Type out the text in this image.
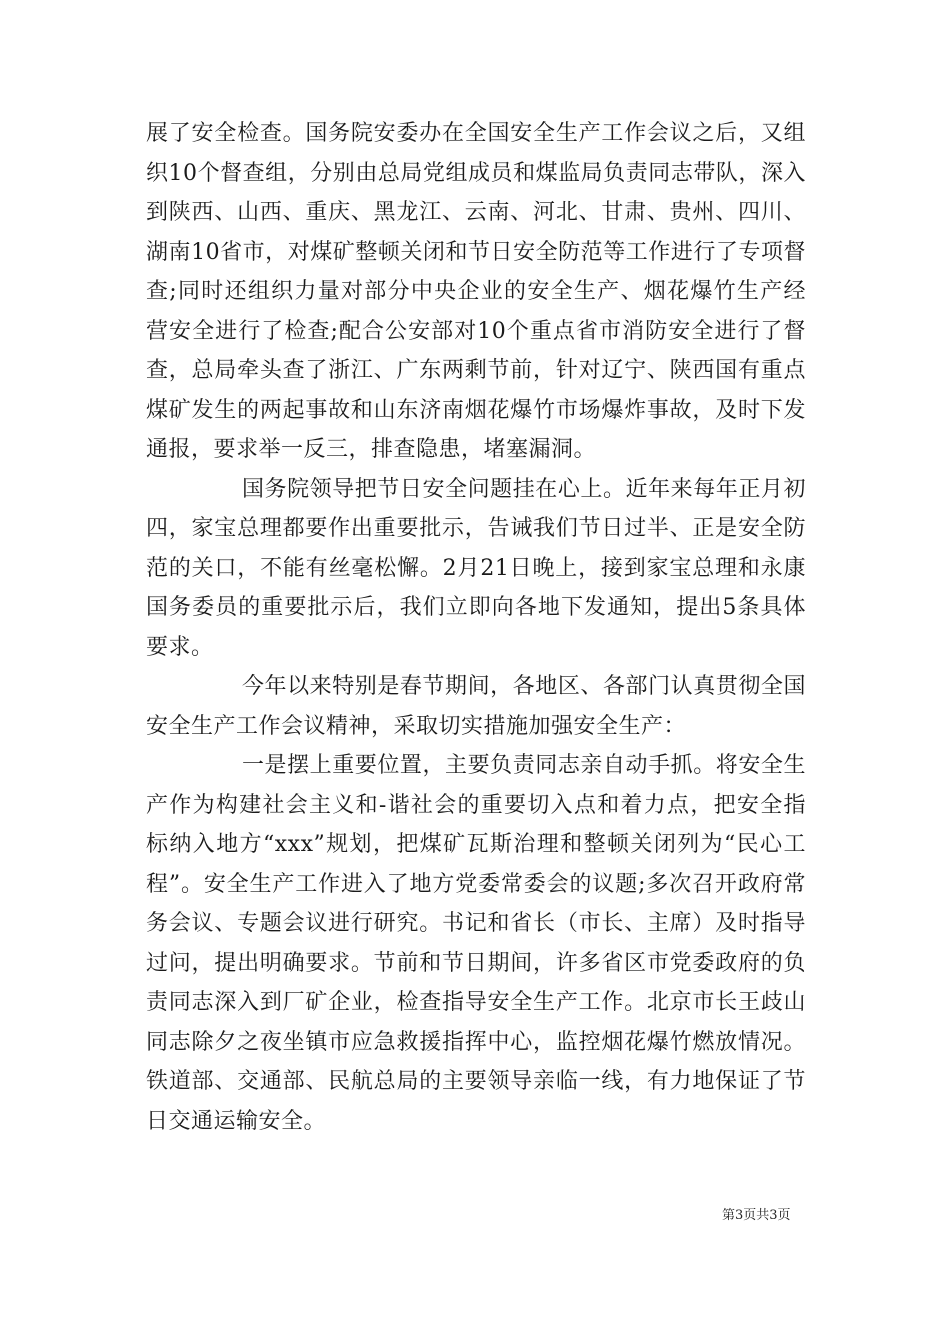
展了安全检查。国务院安委办在全国安全生产工作会议之后，又组织10个督查组，分别由总局党组成员和煤监局负责同志带队，深入到陕西、山西、重庆、黑龙江、云南、河北、甘肃、贵州、四川、湖南10省市，对煤矿整顿关闭和节日安全防范等工作进行了专项督查;同时还组织力量对部分中央企业的安全生产、烟花爆竹生产经营安全进行了检查;配合公安部对10个重点省市消防安全进行了督查，总局牵头查了浙江、广东两剩节前，针对辽宁、陕西国有重点煤矿发生的两起事故和山东济南烟花爆竹市场爆炸事故，及时下发通报，要求举一反三，排查隐患，堵塞漏洞。

国务院领导把节日安全问题挂在心上。近年来每年正月初四，家宝总理都要作出重要批示，告诫我们节日过半、正是安全防范的关口，不能有丝毫松懈。2月21日晚上，接到家宝总理和永康国务委员的重要批示后，我们立即向各地下发通知，提出5条具体要求。

今年以来特别是春节期间，各地区、各部门认真贯彻全国安全生产工作会议精神，采取切实措施加强安全生产：

一是摆上重要位置，主要负责同志亲自动手抓。将安全生产作为构建社会主义和-谐社会的重要切入点和着力点，把安全指标纳入地方“xxx”规划，把煤矿瓦斯治理和整顿关闭列为“民心工程”。安全生产工作进入了地方党委常委会的议题;多次召开政府常务会议、专题会议进行研究。书记和省长（市长、主席）及时指导过问，提出明确要求。节前和节日期间，许多省区市党委政府的负责同志深入到厂矿企业，检查指导安全生产工作。北京市长王歧山同志除夕之夜坐镇市应急救援指挥中心，监控烟花爆竹燃放情况。铁道部、交通部、民航总局的主要领导亲临一线，有力地保证了节日交通运输安全。

第3页共3页
